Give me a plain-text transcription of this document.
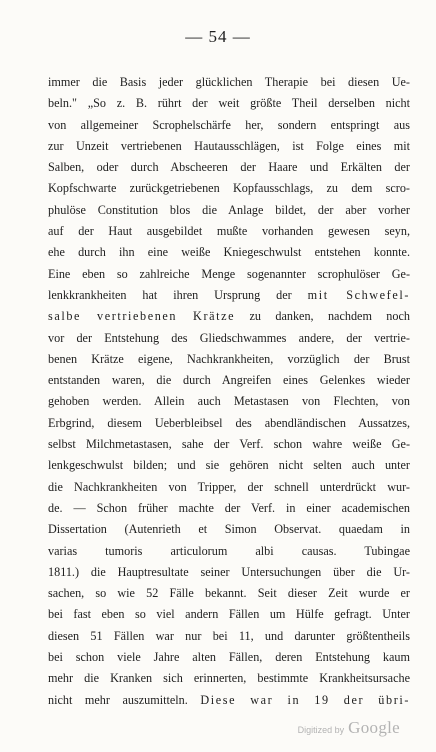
— 54 —
immer die Basis jeder glücklichen Therapie bei diesen Ue-
beln." „So z. B. rührt der weit größte Theil derselben nicht
von allgemeiner Scrophelschärfe her, sondern entspringt aus
zur Unzeit vertriebenen Hautausschlägen, ist Folge eines mit
Salben, oder durch Abscheeren der Haare und Erkälten der
Kopfschwarte zurückgetriebenen Kopfausschlags, zu dem scro-
phulöse Constitution blos die Anlage bildet, der aber vorher
auf der Haut ausgebildet mußte vorhanden gewesen seyn,
ehe durch ihn eine weiße Kniegeschwulst entstehen konnte.
Eine eben so zahlreiche Menge sogenannter scrophulöser Ge-
lenkkrankheiten hat ihren Ursprung der mit Schwefel-
salbe vertriebenen Krätze zu danken, nachdem noch
vor der Entstehung des Gliedschwammes andere, der vertrie-
benen Krätze eigene, Nachkrankheiten, vorzüglich der Brust
entstanden waren, die durch Angreifen eines Gelenkes wieder
gehoben werden. Allein auch Metastasen von Flechten, von
Erbgrind, diesem Ueberbleibsel des abendländischen Aussatzes,
selbst Milchmetastasen, sahe der Verf. schon wahre weiße Ge-
lenkgeschwulst bilden; und sie gehören nicht selten auch unter
die Nachkrankheiten von Tripper, der schnell unterdrückt wur-
de. — Schon früher machte der Verf. in einer academischen
Dissertation (Autenrieth et Simon Observat. quaedam in
varias tumoris articulorum albi causas. Tubingae
1811.) die Hauptresultate seiner Untersuchungen über die Ur-
sachen, so wie 52 Fälle bekannt. Seit dieser Zeit wurde er
bei fast eben so viel andern Fällen um Hülfe gefragt. Unter
diesen 51 Fällen war nur bei 11, und darunter größtentheils
bei schon viele Jahre alten Fällen, deren Entstehung kaum
mehr die Kranken sich erinnerten, bestimmte Krankheitsursache
nicht mehr auszumitteln. Diese war in 19 der übri-
Digitized by Google
